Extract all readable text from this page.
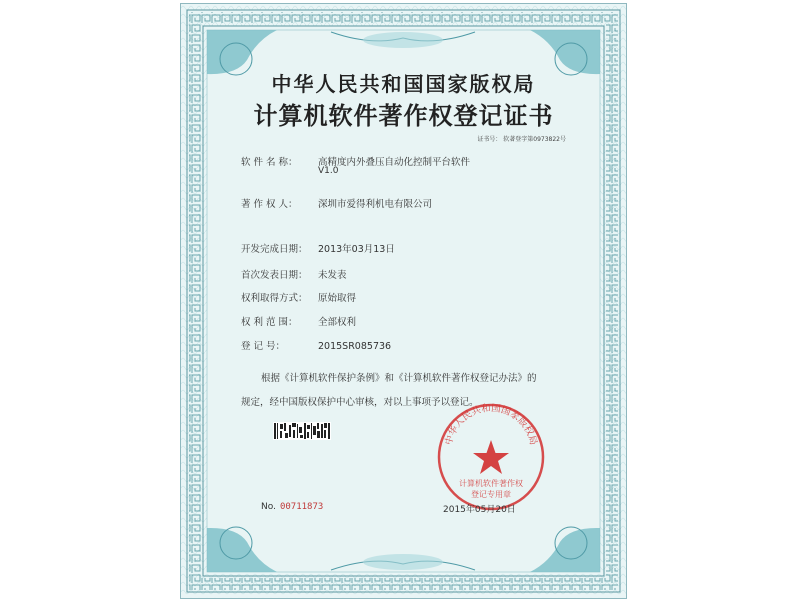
中华人民共和国国家版权局
计算机软件著作权登记证书
证书号： 软著登字第0973822号
软 件 名 称： 高精度内外叠压自动化控制平台软件
V1.0
著 作 权 人： 深圳市爱得利机电有限公司
开发完成日期： 2013年03月13日
首次发表日期： 未发表
权利取得方式： 原始取得
权 利 范 围： 全部权利
登 记 号：	2015SR085736
根据《计算机软件保护条例》和《计算机软件著作权登记办法》的
规定，经中国版权保护中心审核，对以上事项予以登记。
No. 00711873
中华人民共和国国家版权局
计算机软件著作权
登记专用章
2015年05月20日
